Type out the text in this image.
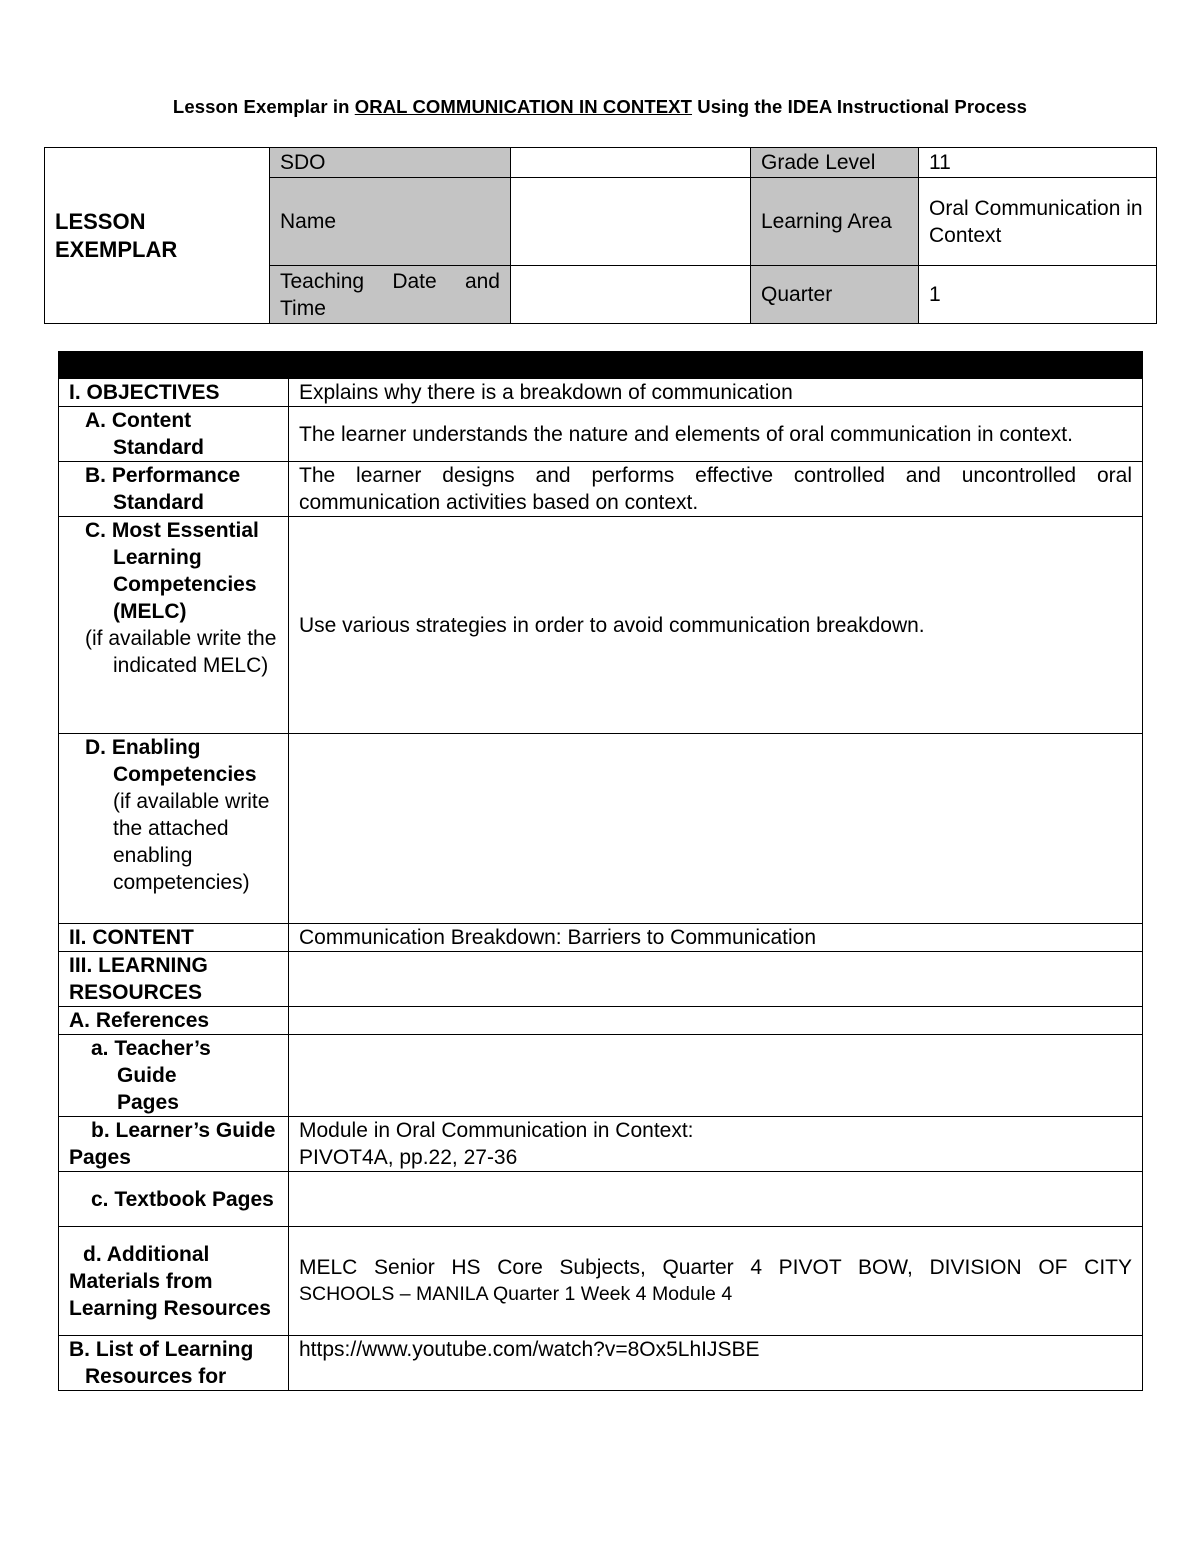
Lesson Exemplar in ORAL COMMUNICATION IN CONTEXT Using the IDEA Instructional Process
LESSON EXEMPLAR	SDO		Grade Level	11
	Name		Learning Area	Oral Communication in Context
	Teaching Date and Time		Quarter	1

I. OBJECTIVES	Explains why there is a breakdown of communication

A. Content Standard	The learner understands the nature and elements of oral communication in context.

B. Performance Standard	The learner designs and performs effective controlled and uncontrolled oral communication activities based on context.

C. Most Essential Learning Competencies (MELC)
(if available write the indicated MELC)	Use various strategies in order to avoid communication breakdown.

D. Enabling Competencies
(if available write the attached enabling competencies)	

II. CONTENT	Communication Breakdown: Barriers to Communication
III. LEARNING RESOURCES	
A. References	

a. Teacher’s Guide Pages	

b. Learner’s Guide Pages	Module in Oral Communication in Context:
PIVOT4A, pp.22, 27-36

c. Textbook Pages	

d. Additional Materials from Learning Resources	MELC Senior HS Core Subjects, Quarter 4 PIVOT BOW, DIVISION OF CITY
SCHOOLS – MANILA Quarter 1 Week 4 Module 4

B. List of Learning Resources for	https://www.youtube.com/watch?v=8Ox5LhIJSBE
